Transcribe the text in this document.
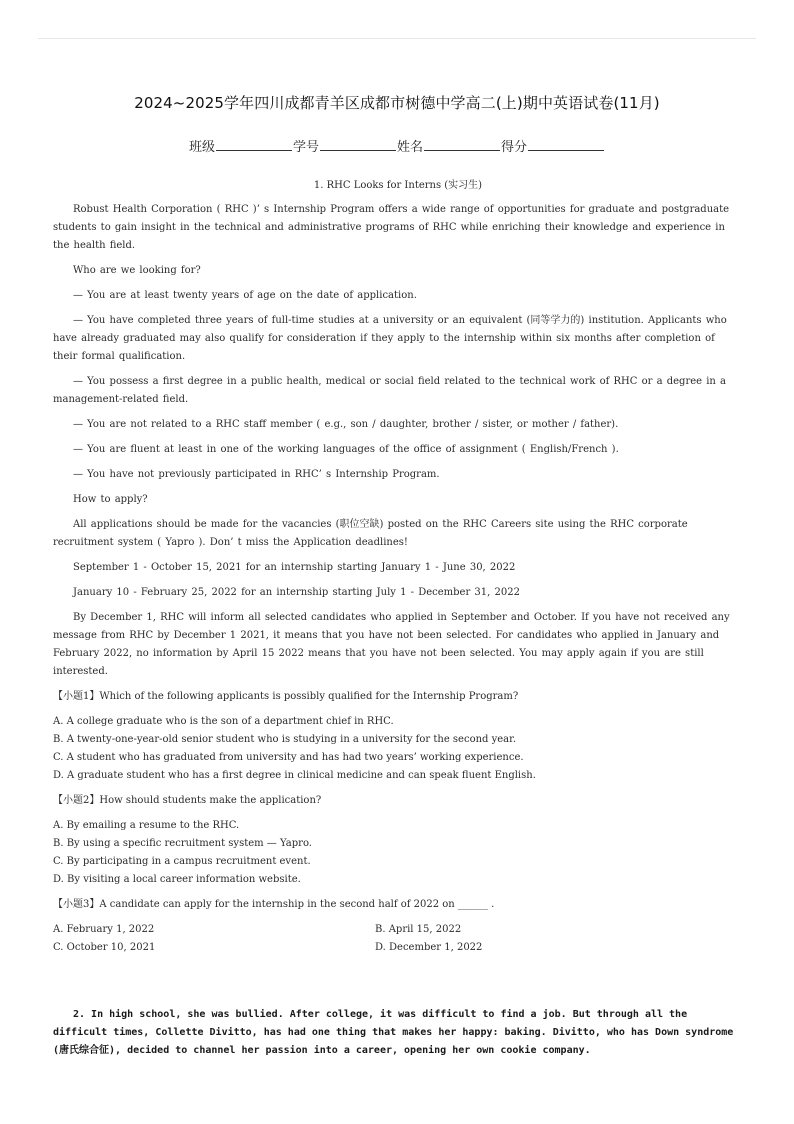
2024~2025学年四川成都青羊区成都市树德中学高二(上)期中英语试卷(11月)
班级	学号	姓名	得分
1. RHC Looks for Interns (实习生)

Robust Health Corporation ( RHC )’ s Internship Program offers a wide range of opportunities for graduate and postgraduate students to gain insight in the technical and administrative programs of RHC while enriching their knowledge and experience in the health field.

Who are we looking for?

— You are at least twenty years of age on the date of application.

— You have completed three years of full-time studies at a university or an equivalent (同等学力的) institution. Applicants who have already graduated may also qualify for consideration if they apply to the internship within six months after completion of their formal qualification.

— You possess a first degree in a public health, medical or social field related to the technical work of RHC or a degree in a management-related field.

— You are not related to a RHC staff member ( e.g., son / daughter, brother / sister, or mother / father).

— You are fluent at least in one of the working languages of the office of assignment ( English/French ).

— You have not previously participated in RHC’ s Internship Program.

How to apply?

All applications should be made for the vacancies (职位空缺) posted on the RHC Careers site using the RHC corporate recruitment system ( Yapro ). Don’ t miss the Application deadlines!

September 1 - October 15, 2021 for an internship starting January 1 - June 30, 2022

January 10 - February 25, 2022 for an internship starting July 1 - December 31, 2022

By December 1, RHC will inform all selected candidates who applied in September and October. If you have not received any message from RHC by December 1 2021, it means that you have not been selected. For candidates who applied in January and February 2022, no information by April 15 2022 means that you have not been selected. You may apply again if you are still interested.

【小题1】Which of the following applicants is possibly qualified for the Internship Program?

A. A college graduate who is the son of a department chief in RHC.

B. A twenty-one-year-old senior student who is studying in a university for the second year.

C. A student who has graduated from university and has had two years’ working experience.

D. A graduate student who has a first degree in clinical medicine and can speak fluent English.

【小题2】How should students make the application?

A. By emailing a resume to the RHC.

B. By using a specific recruitment system — Yapro.

C. By participating in a campus recruitment event.

D. By visiting a local career information website.

【小题3】A candidate can apply for the internship in the second half of 2022 on ______ .

A. February 1, 2022	B. April 15, 2022

C. October 10, 2021	D. December 1, 2022

2. In high school, she was bullied. After college, it was difficult to find a job. But through all the difficult times, Collette Divitto, has had one thing that makes her happy: baking. Divitto, who has Down syndrome (唐氏综合征), decided to channel her passion into a career, opening her own cookie company.
